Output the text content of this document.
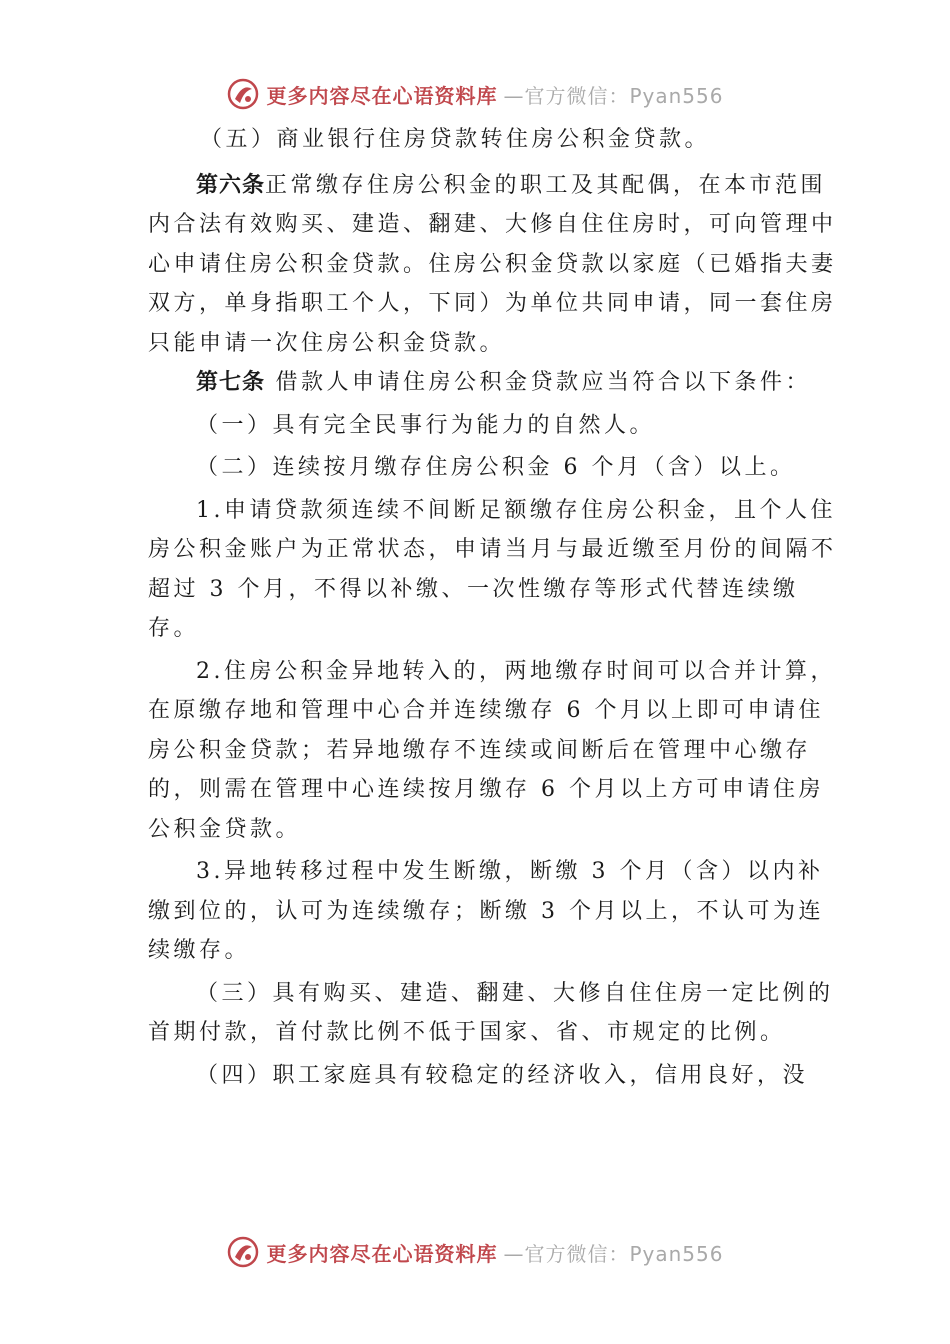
更多内容尽在心语资料库 —官方微信：Pyan556

（五）商业银行住房贷款转住房公积金贷款。

第六条正常缴存住房公积金的职工及其配偶，在本市范围内合法有效购买、建造、翻建、大修自住住房时，可向管理中心申请住房公积金贷款。住房公积金贷款以家庭（已婚指夫妻双方，单身指职工个人，下同）为单位共同申请，同一套住房只能申请一次住房公积金贷款。

第七条 借款人申请住房公积金贷款应当符合以下条件：

（一）具有完全民事行为能力的自然人。

（二）连续按月缴存住房公积金 6 个月（含）以上。

1.申请贷款须连续不间断足额缴存住房公积金，且个人住房公积金账户为正常状态，申请当月与最近缴至月份的间隔不超过 3 个月，不得以补缴、一次性缴存等形式代替连续缴存。

2.住房公积金异地转入的，两地缴存时间可以合并计算，在原缴存地和管理中心合并连续缴存 6 个月以上即可申请住房公积金贷款；若异地缴存不连续或间断后在管理中心缴存 的，则需在管理中心连续按月缴存 6 个月以上方可申请住房公积金贷款。

3.异地转移过程中发生断缴，断缴 3 个月（含）以内补缴到位的，认可为连续缴存；断缴 3 个月以上，不认可为连续缴存。

（三）具有购买、建造、翻建、大修自住住房一定比例的首期付款，首付款比例不低于国家、省、市规定的比例。

（四）职工家庭具有较稳定的经济收入，信用良好，没

更多内容尽在心语资料库 —官方微信：Pyan556
